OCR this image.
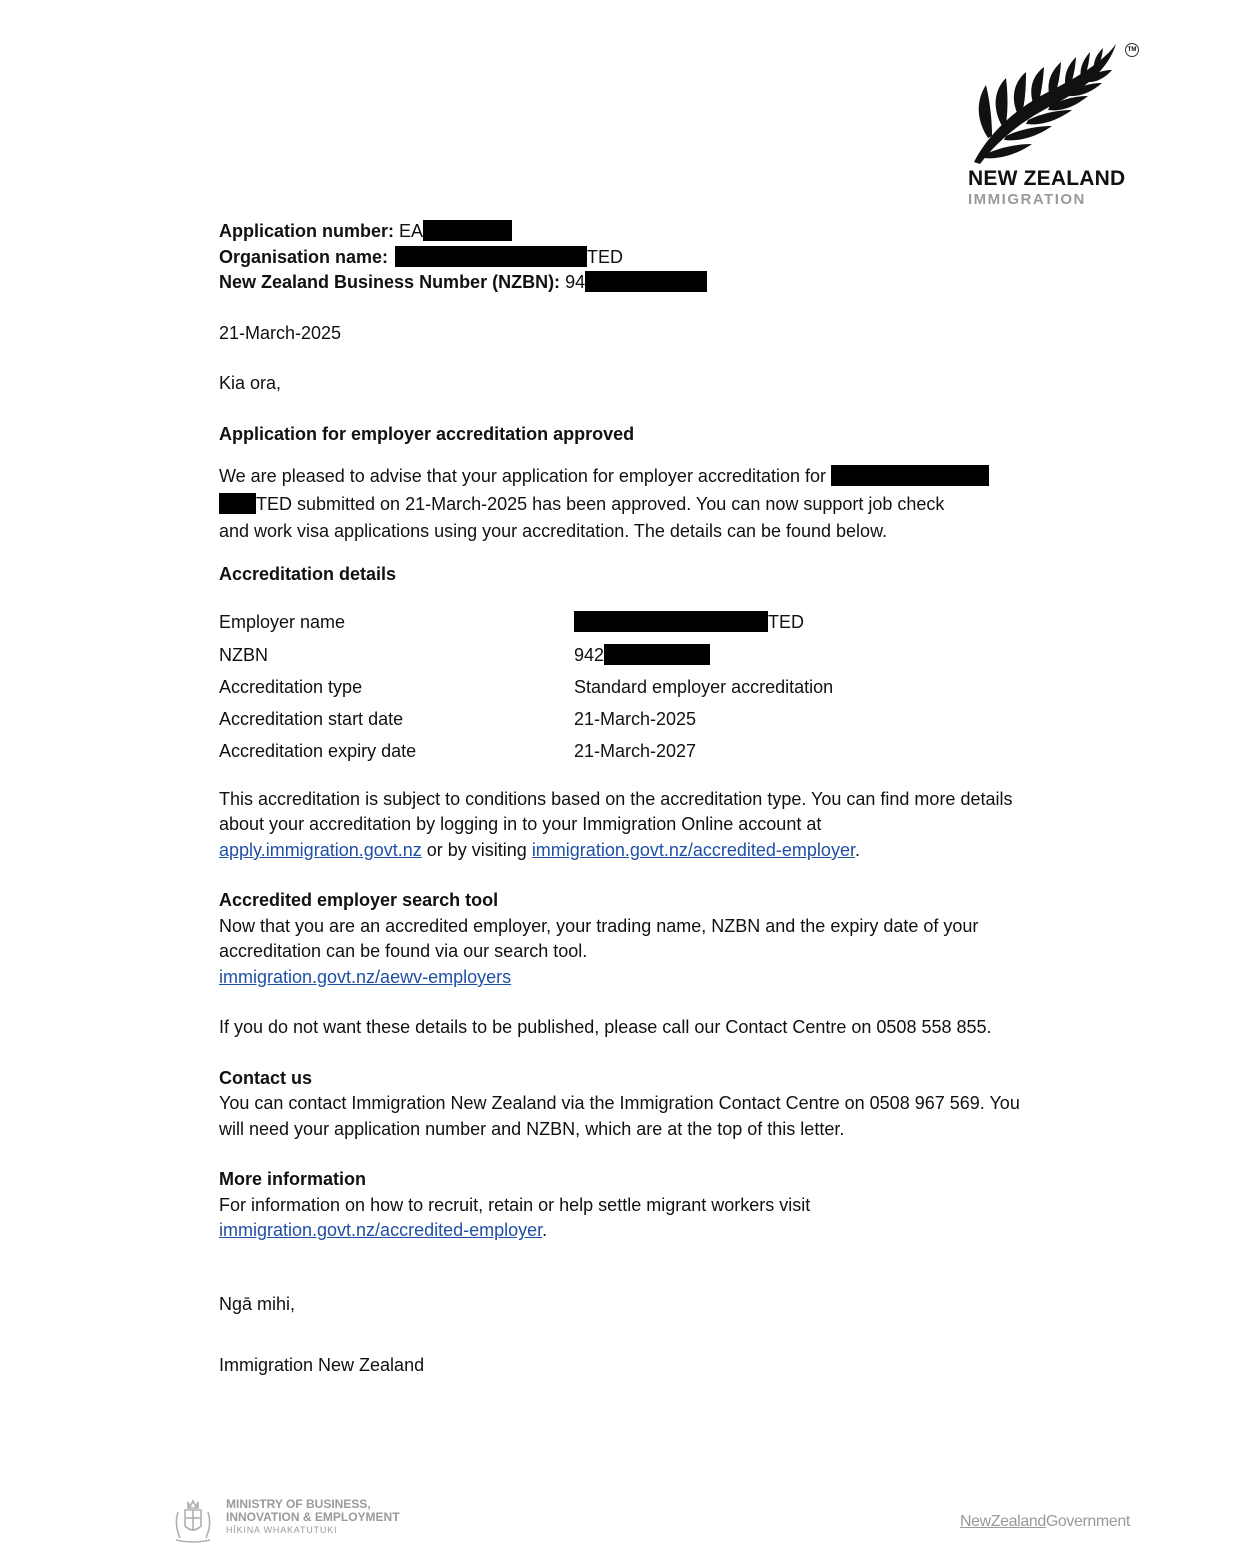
NEW ZEALAND
IMMIGRATION
TM

Application number: EA

Organisation name:	TED

New Zealand Business Number (NZBN): 94

21-March-2025

Kia ora,

Application for employer accreditation approved

We are pleased to advise that your application for employer accreditation for
TED submitted on 21-March-2025 has been approved. You can now support job check
and work visa applications using your accreditation. The details can be found below.

Accreditation details

Employer name	TED
NZBN	942
Accreditation type	Standard employer accreditation
Accreditation start date	21-March-2025
Accreditation expiry date	21-March-2027

This accreditation is subject to conditions based on the accreditation type. You can find more details
about your accreditation by logging in to your Immigration Online account at
apply.immigration.govt.nz or by visiting immigration.govt.nz/accredited-employer.

Accredited employer search tool

Now that you are an accredited employer, your trading name, NZBN and the expiry date of your
accreditation can be found via our search tool.
immigration.govt.nz/aewv-employers

If you do not want these details to be published, please call our Contact Centre on 0508 558 855.

Contact us

You can contact Immigration New Zealand via the Immigration Contact Centre on 0508 967 569. You
will need your application number and NZBN, which are at the top of this letter.

More information

For information on how to recruit, retain or help settle migrant workers visit
immigration.govt.nz/accredited-employer.

Ngā mihi,

Immigration New Zealand

MINISTRY OF BUSINESS,
INNOVATION & EMPLOYMENT
HĪKINA WHAKATUTUKI	NewZealandGovernment
